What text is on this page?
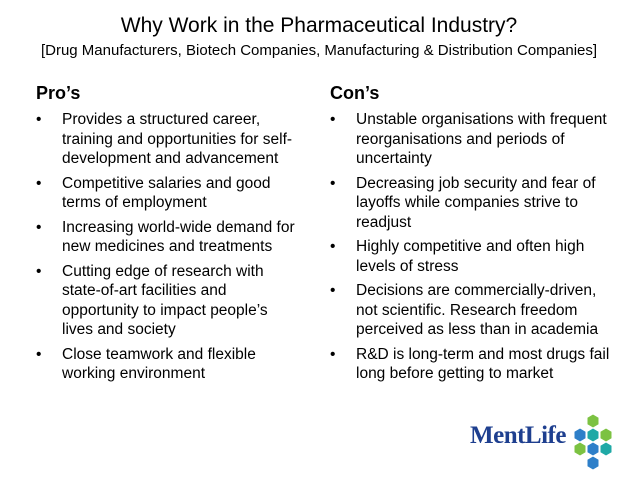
Why Work in the Pharmaceutical Industry?
[Drug Manufacturers, Biotech Companies, Manufacturing & Distribution Companies]
Pro’s
• Provides a structured career, training and opportunities for self-development and advancement
• Competitive salaries and good terms of employment
• Increasing world-wide demand for new medicines and treatments
• Cutting edge of research with state-of-art facilities and opportunity to impact people’s lives and society
• Close teamwork and flexible working environment
Con’s
• Unstable organisations with frequent reorganisations and periods of uncertainty
• Decreasing job security and fear of layoffs while companies strive to readjust
• Highly competitive and often high levels of stress
• Decisions are commercially-driven, not scientific. Research freedom perceived as less than in academia
• R&D is long-term and most drugs fail long before getting to market
MentLife
